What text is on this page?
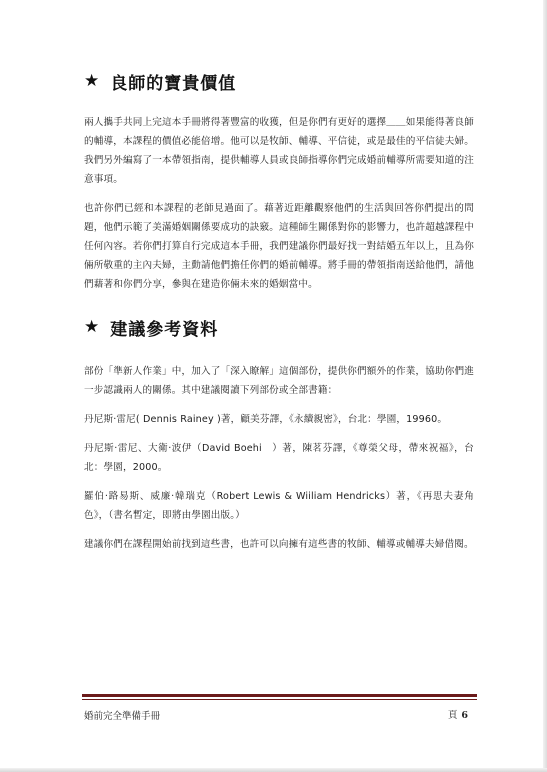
★ 良師的寶貴價值

兩人攜手共同上完這本手冊將得著豐富的收獲，但是你們有更好的選擇＿＿如果能得著良師的輔導，本課程的價值必能倍增。他可以是牧師、輔導、平信徒，或是最佳的平信徒夫婦。我們另外編寫了一本帶領指南，提供輔導人員或良師指導你們完成婚前輔導所需要知道的注意事項。

也許你們已經和本課程的老師見過面了。藉著近距離觀察他們的生活與回答你們提出的問題，他們示範了美滿婚姻關係要成功的訣竅。這種師生關係對你的影響力，也許超越課程中任何內容。若你們打算自行完成這本手冊，我們建議你們最好找一對結婚五年以上，且為你倆所敬重的主內夫婦，主動請他們擔任你們的婚前輔導。將手冊的帶領指南送給他們，請他們藉著和你們分享，參與在建造你倆未來的婚姻當中。

★ 建議參考資料

部份「準新人作業」中，加入了「深入瞭解」這個部份，提供你們額外的作業，協助你們進一步認識兩人的關係。其中建議閱讀下列部份或全部書籍：

丹尼斯‧雷尼( Dennis Rainey )著，顧美芬譯，《永續親密》，台北：學園，19960。

丹尼斯‧雷尼、大衛‧波伊（David Boehi　）著，陳茗芬譯，《尊榮父母，帶來祝福》，台北：學園，2000。

羅伯‧路易斯、威廉‧韓瑞克（Robert Lewis & Wiiliam Hendricks）著，《再思夫妻角色》，（書名暫定，即將由學園出版。）

建議你們在課程開始前找到這些書，也許可以向擁有這些書的牧師、輔導或輔導夫婦借閱。

婚前完全準備手冊	頁 6
